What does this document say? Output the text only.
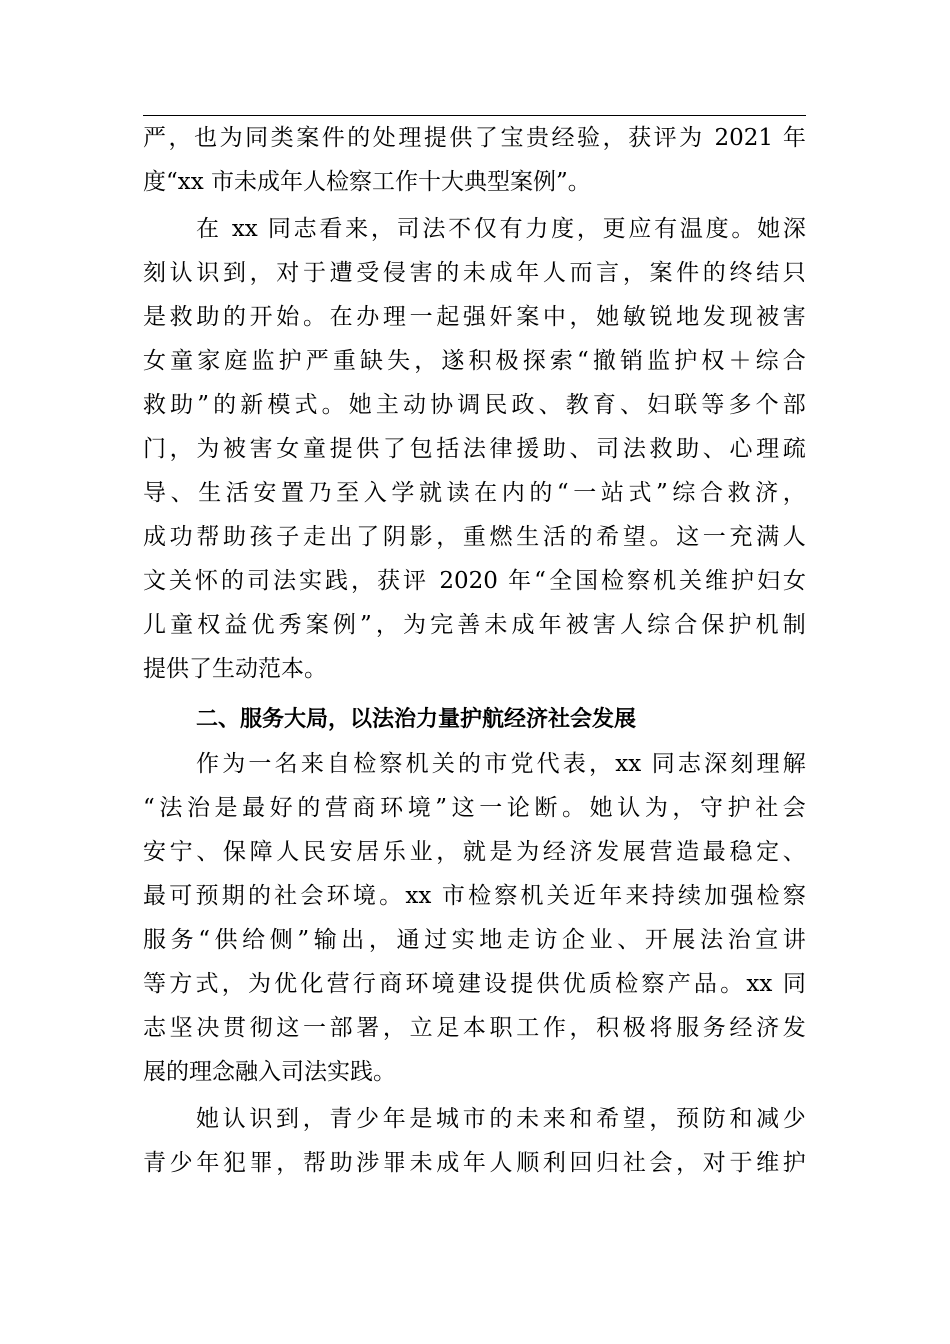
严 ， 也 为 同 类 案 件 的 处 理 提 供 了 宝 贵 经 验 ， 获 评 为
2021 年
度“xx 市未成年人检察工作十大典型案例”。
在
xx 同 志 看 来 ， 司 法 不 仅 有 力 度 ， 更 应 有 温 度 。 她 深
刻 认 识 到 ， 对 于 遭 受 侵 害 的 未 成 年 人 而 言 ， 案 件 的 终 结 只
是 救 助 的 开 始 。 在 办 理 一 起 强 奸 案 中 ， 她 敏 锐 地 发 现 被 害
女 童 家 庭 监 护 严 重 缺 失 ， 遂 积 极 探 索 “ 撤 销 监 护 权 ＋ 综 合
救 助 ” 的 新 模 式 。 她 主 动 协 调 民 政 、 教 育 、 妇 联 等 多 个 部
门 ， 为 被 害 女 童 提 供 了 包 括 法 律 援 助 、 司 法 救 助 、 心 理 疏
导 、 生 活 安 置 乃 至 入 学 就 读 在 内 的 “ 一 站 式 ” 综 合 救 济 ，
成 功 帮 助 孩 子 走 出 了 阴 影 ， 重 燃 生 活 的 希 望 。 这 一 充 满 人
文 关 怀 的 司 法 实 践 ， 获 评
2020 年 “ 全 国 检 察 机 关 维 护 妇 女
儿 童 权 益 优 秀 案 例 ” ， 为 完 善 未 成 年 被 害 人 综 合 保 护 机 制
提供了生动范本。
二、服务大局，以法治力量护航经济社会发展
作 为 一 名 来 自 检 察 机 关 的 市 党 代 表 ， xx 同 志 深 刻 理 解
“ 法 治 是 最 好 的 营 商 环 境 ” 这 一 论 断 。 她 认 为 ， 守 护 社 会
安 宁 、 保 障 人 民 安 居 乐 业 ， 就 是 为 经 济 发 展 营 造 最 稳 定 、
最 可 预 期 的 社 会 环 境 。 xx 市 检 察 机 关 近 年 来 持 续 加 强 检 察
服 务 “ 供 给 侧 ” 输 出 ， 通 过 实 地 走 访 企 业 、 开 展 法 治 宣 讲
等 方 式 ， 为 优 化 营 行 商 环 境 建 设 提 供 优 质 检 察 产 品 。 xx 同
志 坚 决 贯 彻 这 一 部 署 ， 立 足 本 职 工 作 ， 积 极 将 服 务 经 济 发
展的理念融入司法实践。
她 认 识 到 ， 青 少 年 是 城 市 的 未 来 和 希 望 ， 预 防 和 减 少
青 少 年 犯 罪 ， 帮 助 涉 罪 未 成 年 人 顺 利 回 归 社 会 ， 对 于 维 护
